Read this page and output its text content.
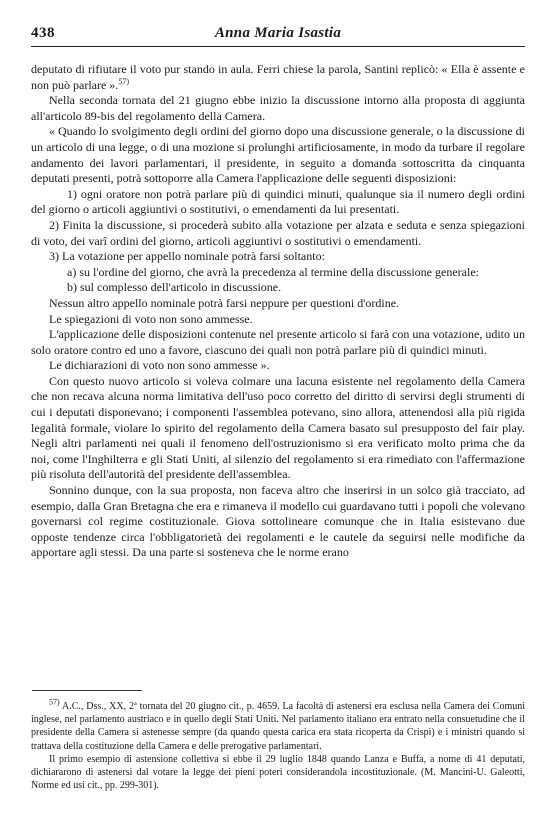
438	Anna Maria Isastia

deputato di rifiutare il voto pur stando in aula. Ferri chiese la parola, Santini replicò: « Ella è assente e non può parlare ».$^{57)}$

Nella seconda tornata del 21 giugno ebbe inizio la discussione intorno alla proposta di aggiunta all'articolo 89-bis del regolamento della Camera.

« Quando lo svolgimento degli ordini del giorno dopo una discussione generale, o la discussione di un articolo di una legge, o di una mozione si prolunghi artificiosamente, in modo da turbare il regolare andamento dei lavori parlamentari, il presidente, in seguito a domanda sottoscritta da cinquanta deputati presenti, potrà sottoporre alla Camera l'applicazione delle seguenti disposizioni:

1) ogni oratore non potrà parlare più di quindici minuti, qualunque sia il numero degli ordini del giorno o articoli aggiuntivi o sostitutivi, o emendamenti da lui presentati.

2) Finita la discussione, si procederà subito alla votazione per alzata e seduta e senza spiegazioni di voto, dei varî ordini del giorno, articoli aggiuntivi o sostitutivi o emendamenti.

3) La votazione per appello nominale potrà farsi soltanto:

a) su l'ordine del giorno, che avrà la precedenza al termine della discussione generale:

b) sul complesso dell'articolo in discussione.

Nessun altro appello nominale potrà farsi neppure per questioni d'ordine.

Le spiegazioni di voto non sono ammesse.

L'applicazione delle disposizioni contenute nel presente articolo si farà con una votazione, udito un solo oratore contro ed uno a favore, ciascuno dei quali non potrà parlare più di quindici minuti.

Le dichiarazioni di voto non sono ammesse ».

Con questo nuovo articolo si voleva colmare una lacuna esistente nel regolamento della Camera che non recava alcuna norma limitativa dell'uso poco corretto del diritto di servirsi degli strumenti di cui i deputati disponevano; i componenti l'assemblea potevano, sino allora, attenendosi alla più rigida legalità formale, violare lo spirito del regolamento della Camera basato sul presupposto del fair play. Negli altri parlamenti nei quali il fenomeno dell'ostruzionismo si era verificato molto prima che da noi, come l'Inghilterra e gli Stati Uniti, al silenzio del regolamento si era rimediato con l'affermazione più risoluta dell'autorità del presidente dell'assemblea.

Sonnino dunque, con la sua proposta, non faceva altro che inserirsi in un solco già tracciato, ad esempio, dalla Gran Bretagna che era e rimaneva il modello cui guardavano tutti i popoli che volevano governarsi col regime costituzionale. Giova sottolineare comunque che in Italia esistevano due opposte tendenze circa l'obbligatorietà dei regolamenti e le cautele da seguirsi nelle modifiche da apportare agli stessi. Da una parte si sosteneva che le norme erano

$^{57)}$ A.C., Dss., XX, 2ª tornata del 20 giugno cit., p. 4659. La facoltà di astenersi era esclusa nella Camera dei Comuni inglese, nel parlamento austriaco e in quello degli Stati Uniti. Nel parlamento italiano era entrato nella consuetudine che il presidente della Camera si astenesse sempre (da quando questa carica era stata ricoperta da Crispi) e i ministri quando si trattava della costituzione della Camera e delle prerogative parlamentari.

Il primo esempio di astensione collettiva si ebbe il 29 luglio 1848 quando Lanza e Buffa, a nome di 41 deputati, dichiararono di astenersi dal votare la legge dei pieni poteri considerandola incostituzionale. (M. Mancini-U. Galeotti, Norme ed usi cit., pp. 299-301).
